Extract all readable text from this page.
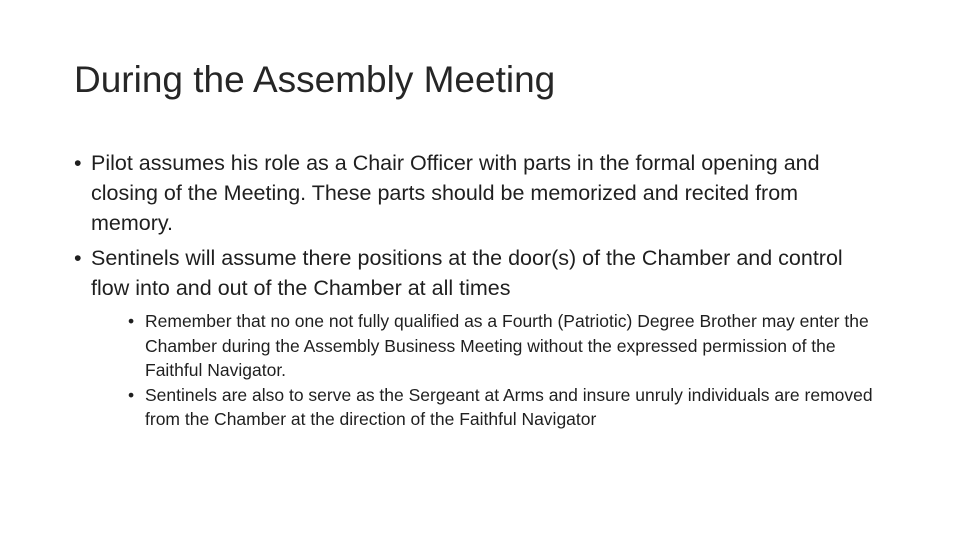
During the Assembly Meeting
• Pilot assumes his role as a Chair Officer with parts in the formal opening and closing of the Meeting. These parts should be memorized and recited from memory.
• Sentinels will assume there positions at the door(s) of the Chamber and control flow into and out of the Chamber at all times
• Remember that no one not fully qualified as a Fourth (Patriotic) Degree Brother may enter the Chamber during the Assembly Business Meeting without the expressed permission of the Faithful Navigator.
• Sentinels are also to serve as the Sergeant at Arms and insure unruly individuals are removed from the Chamber at the direction of the Faithful Navigator
